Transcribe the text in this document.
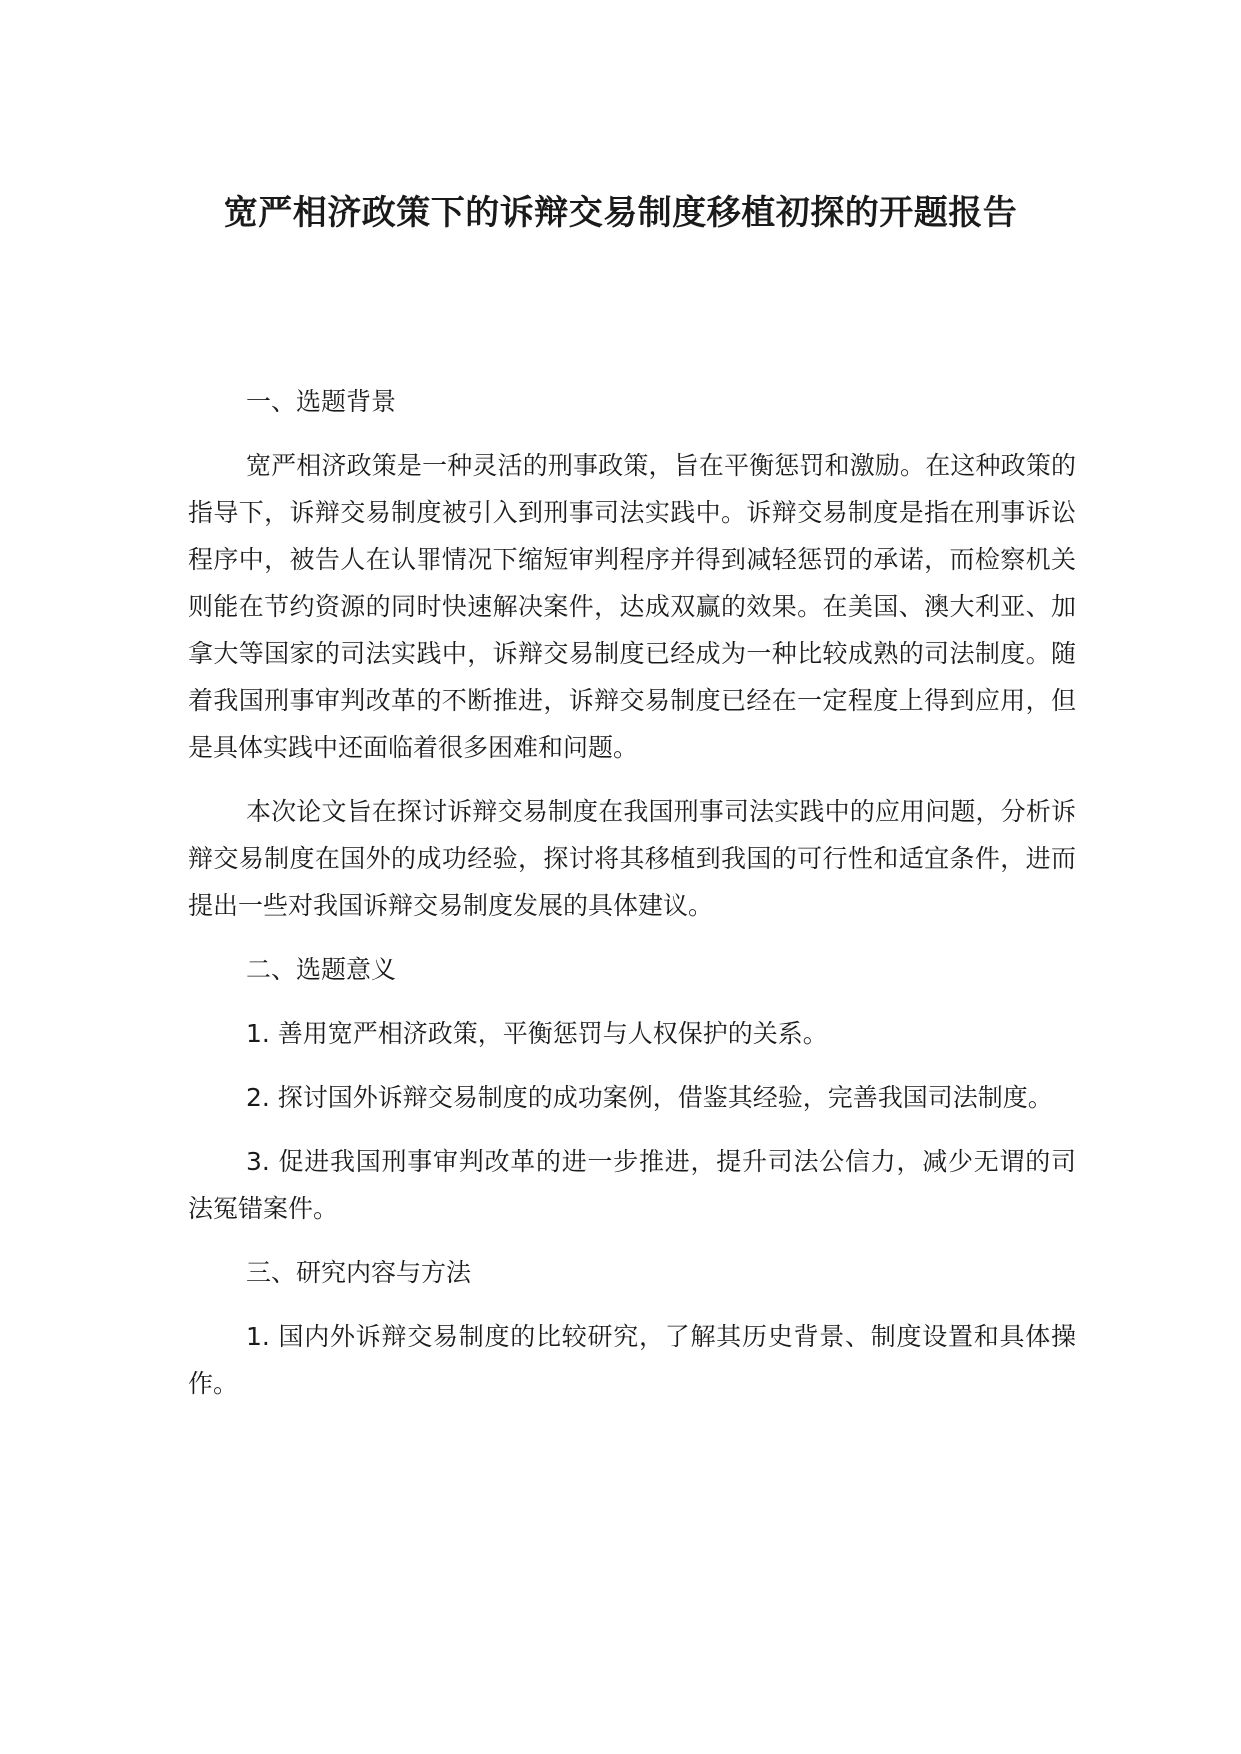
宽严相济政策下的诉辩交易制度移植初探的开题报告

一、选题背景

宽严相济政策是一种灵活的刑事政策，旨在平衡惩罚和激励。在这种政策的指导下，诉辩交易制度被引入到刑事司法实践中。诉辩交易制度是指在刑事诉讼程序中，被告人在认罪情况下缩短审判程序并得到减轻惩罚的承诺，而检察机关则能在节约资源的同时快速解决案件，达成双赢的效果。在美国、澳大利亚、加拿大等国家的司法实践中，诉辩交易制度已经成为一种比较成熟的司法制度。随着我国刑事审判改革的不断推进，诉辩交易制度已经在一定程度上得到应用，但是具体实践中还面临着很多困难和问题。

本次论文旨在探讨诉辩交易制度在我国刑事司法实践中的应用问题，分析诉辩交易制度在国外的成功经验，探讨将其移植到我国的可行性和适宜条件，进而提出一些对我国诉辩交易制度发展的具体建议。

二、选题意义

1. 善用宽严相济政策，平衡惩罚与人权保护的关系。

2. 探讨国外诉辩交易制度的成功案例，借鉴其经验，完善我国司法制度。

3. 促进我国刑事审判改革的进一步推进，提升司法公信力，减少无谓的司法冤错案件。

三、研究内容与方法

1. 国内外诉辩交易制度的比较研究，了解其历史背景、制度设置和具体操作。
